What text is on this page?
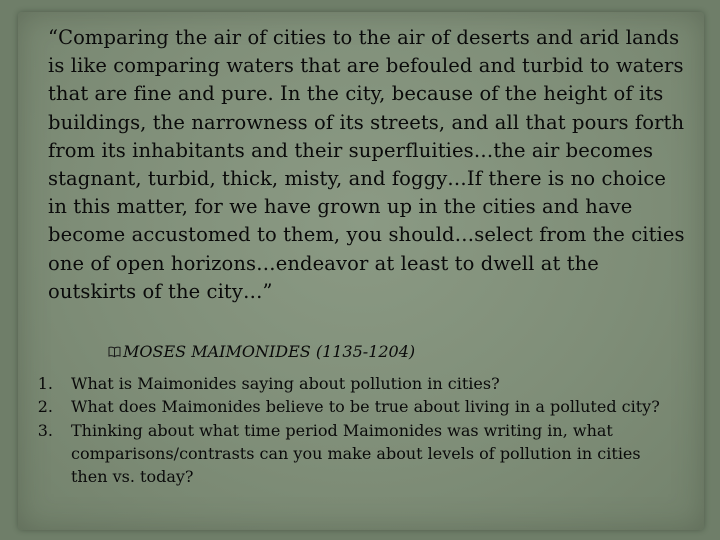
“Comparing the air of cities to the air of deserts and arid lands is like comparing waters that are befouled and turbid to waters that are fine and pure. In the city, because of the height of its buildings, the narrowness of its streets, and all that pours forth from its inhabitants and their superfluities…the air becomes stagnant, turbid, thick, misty, and foggy…If there is no choice in this matter, for we have grown up in the cities and have become accustomed to them, you should…select from the cities one of open horizons…endeavor at least to dwell at the outskirts of the city…”

MOSES MAIMONIDES (1135-1204)
1. What is Maimonides saying about pollution in cities?
2. What does Maimonides believe to be true about living in a polluted city?
3. Thinking about what time period Maimonides was writing in, what comparisons/contrasts can you make about levels of pollution in cities then vs. today?
